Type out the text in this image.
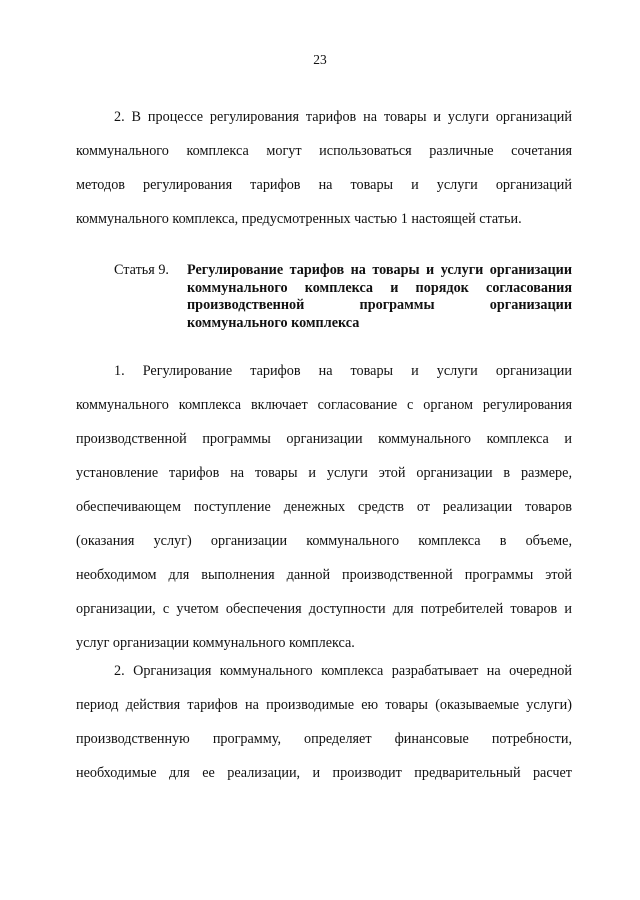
23
2. В процессе регулирования тарифов на товары и услуги организаций
коммунального комплекса могут использоваться различные сочетания
методов регулирования тарифов на товары и услуги организаций
коммунального комплекса, предусмотренных частью 1 настоящей статьи.
Статья 9. Регулирование тарифов на товары и услуги организации
коммунального комплекса и порядок согласования
производственной программы организации
коммунального комплекса
1. Регулирование тарифов на товары и услуги организации
коммунального комплекса включает согласование с органом регулирования
производственной программы организации коммунального комплекса и
установление тарифов на товары и услуги этой организации в размере,
обеспечивающем поступление денежных средств от реализации товаров
(оказания услуг) организации коммунального комплекса в объеме,
необходимом для выполнения данной производственной программы этой
организации, с учетом обеспечения доступности для потребителей товаров и
услуг организации коммунального комплекса.
2. Организация коммунального комплекса разрабатывает на очередной
период действия тарифов на производимые ею товары (оказываемые услуги)
производственную программу, определяет финансовые потребности,
необходимые для ее реализации, и производит предварительный расчет
